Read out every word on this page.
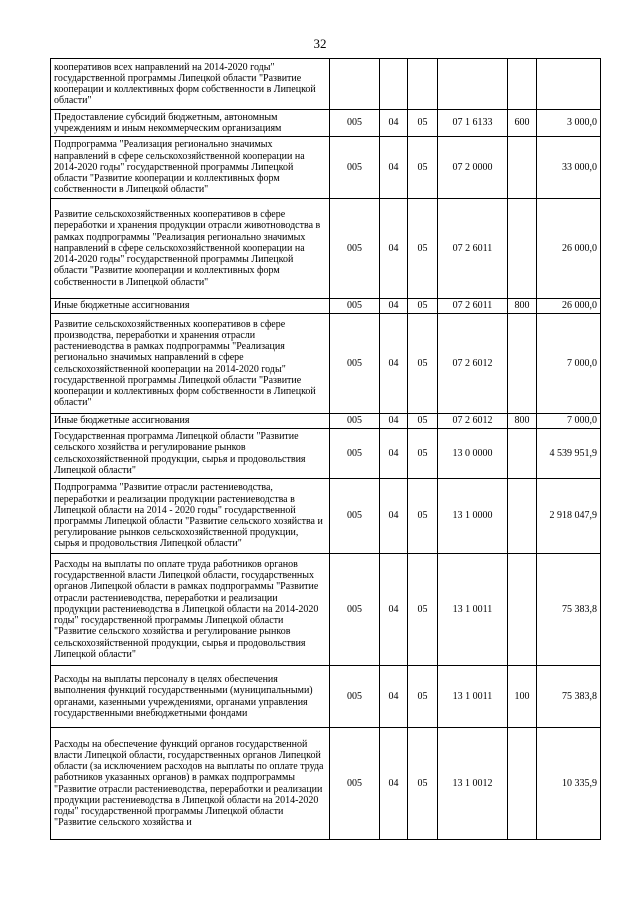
32
кооперативов всех направлений на 2014-2020 годы" государственной программы Липецкой области "Развитие кооперации и коллективных форм собственности в Липецкой области"						
Предоставление субсидий бюджетным, автономным учреждениям и иным некоммерческим организациям	005	04	05	07 1 6133	600	3 000,0
Подпрограмма "Реализация регионально значимых направлений в сфере сельскохозяйственной кооперации на 2014-2020 годы" государственной программы Липецкой области "Развитие кооперации и коллективных форм собственности в Липецкой области"	005	04	05	07 2 0000		33 000,0
Развитие сельскохозяйственных кооперативов в сфере переработки и хранения продукции отрасли животноводства в рамках подпрограммы "Реализация регионально значимых направлений в сфере сельскохозяйственной кооперации на 2014-2020 годы" государственной программы Липецкой области "Развитие кооперации и коллективных форм собственности в Липецкой области"	005	04	05	07 2 6011		26 000,0
Иные бюджетные ассигнования	005	04	05	07 2 6011	800	26 000,0
Развитие сельскохозяйственных кооперативов в сфере производства, переработки и хранения отрасли растениеводства в рамках подпрограммы "Реализация регионально значимых направлений в сфере сельскохозяйственной кооперации на 2014-2020 годы" государственной программы Липецкой области "Развитие кооперации и коллективных форм собственности в Липецкой области"	005	04	05	07 2 6012		7 000,0
Иные бюджетные ассигнования	005	04	05	07 2 6012	800	7 000,0
Государственная программа Липецкой области "Развитие сельского хозяйства и регулирование рынков сельскохозяйственной продукции, сырья и продовольствия Липецкой области"	005	04	05	13 0 0000		4 539 951,9
Подпрограмма "Развитие отрасли растениеводства, переработки и реализации продукции растениеводства в Липецкой области на 2014 - 2020 годы" государственной программы Липецкой области "Развитие сельского хозяйства и регулирование рынков сельскохозяйственной продукции, сырья и продовольствия Липецкой области"	005	04	05	13 1 0000		2 918 047,9
Расходы на выплаты по оплате труда работников органов государственной власти Липецкой области, государственных органов Липецкой области в рамках подпрограммы "Развитие отрасли растениеводства, переработки и реализации продукции растениеводства в Липецкой области на 2014-2020 годы" государственной программы Липецкой области "Развитие сельского хозяйства и регулирование рынков сельскохозяйственной продукции, сырья и продовольствия Липецкой области"	005	04	05	13 1 0011		75 383,8
Расходы на выплаты персоналу в целях обеспечения выполнения функций государственными (муниципальными) органами, казенными учреждениями, органами управления государственными внебюджетными фондами	005	04	05	13 1 0011	100	75 383,8
Расходы на обеспечение функций органов государственной власти Липецкой области, государственных органов Липецкой области (за исключением расходов на выплаты по оплате труда работников указанных органов) в рамках подпрограммы "Развитие отрасли растениеводства, переработки и реализации продукции растениеводства в Липецкой области на 2014-2020 годы" государственной программы Липецкой области "Развитие сельского хозяйства и	005	04	05	13 1 0012		10 335,9
